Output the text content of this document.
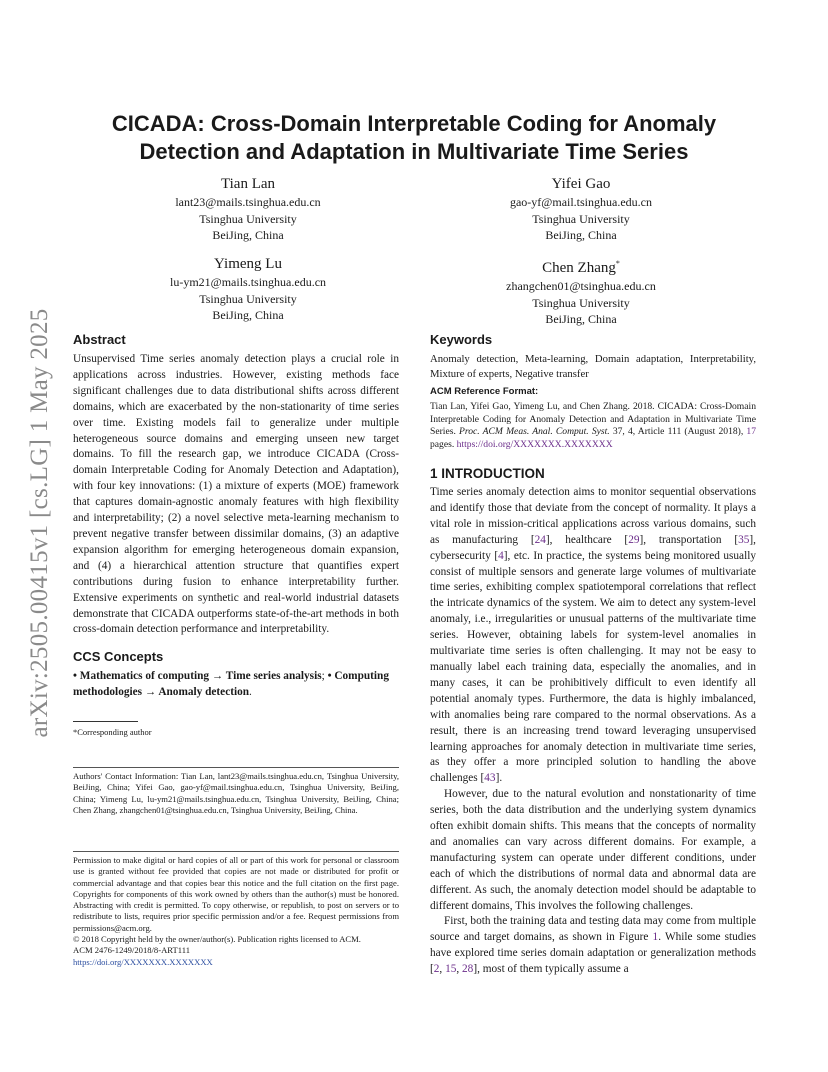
arXiv:2505.00415v1 [cs.LG] 1 May 2025
CICADA: Cross-Domain Interpretable Coding for Anomaly
Detection and Adaptation in Multivariate Time Series
Tian Lan
lant23@mails.tsinghua.edu.cn
Tsinghua University
BeiJing, China
Yifei Gao
gao-yf@mail.tsinghua.edu.cn
Tsinghua University
BeiJing, China
Yimeng Lu
lu-ym21@mails.tsinghua.edu.cn
Tsinghua University
BeiJing, China
Chen Zhang*
zhangchen01@tsinghua.edu.cn
Tsinghua University
BeiJing, China
Abstract

Unsupervised Time series anomaly detection plays a crucial role in applications across industries. However, existing methods face significant challenges due to data distributional shifts across different domains, which are exacerbated by the non-stationarity of time series over time. Existing models fail to generalize under multiple heterogeneous source domains and emerging unseen new target domains. To fill the research gap, we introduce CICADA (Cross-domain Interpretable Coding for Anomaly Detection and Adaptation), with four key innovations: (1) a mixture of experts (MOE) framework that captures domain-agnostic anomaly features with high flexibility and interpretability; (2) a novel selective meta-learning mechanism to prevent negative transfer between dissimilar domains, (3) an adaptive expansion algorithm for emerging heterogeneous domain expansion, and (4) a hierarchical attention structure that quantifies expert contributions during fusion to enhance interpretability further. Extensive experiments on synthetic and real-world industrial datasets demonstrate that CICADA outperforms state-of-the-art methods in both cross-domain detection performance and interpretability.

CCS Concepts

• Mathematics of computing → Time series analysis; • Computing methodologies → Anomaly detection.

*Corresponding author
Authors' Contact Information: Tian Lan, lant23@mails.tsinghua.edu.cn, Tsinghua University, BeiJing, China; Yifei Gao, gao-yf@mail.tsinghua.edu.cn, Tsinghua University, BeiJing, China; Yimeng Lu, lu-ym21@mails.tsinghua.edu.cn, Tsinghua University, BeiJing, China; Chen Zhang, zhangchen01@tsinghua.edu.cn, Tsinghua University, BeiJing, China.
Permission to make digital or hard copies of all or part of this work for personal or classroom use is granted without fee provided that copies are not made or distributed for profit or commercial advantage and that copies bear this notice and the full citation on the first page. Copyrights for components of this work owned by others than the author(s) must be honored. Abstracting with credit is permitted. To copy otherwise, or republish, to post on servers or to redistribute to lists, requires prior specific permission and/or a fee. Request permissions from permissions@acm.org.
© 2018 Copyright held by the owner/author(s). Publication rights licensed to ACM.
ACM 2476-1249/2018/8-ART111
https://doi.org/XXXXXXX.XXXXXXX
Keywords

Anomaly detection, Meta-learning, Domain adaptation, Interpretability, Mixture of experts, Negative transfer

ACM Reference Format:
Tian Lan, Yifei Gao, Yimeng Lu, and Chen Zhang. 2018. CICADA: Cross-Domain Interpretable Coding for Anomaly Detection and Adaptation in Multivariate Time Series. Proc. ACM Meas. Anal. Comput. Syst. 37, 4, Article 111 (August 2018), 17 pages. https://doi.org/XXXXXXX.XXXXXXX
1 INTRODUCTION

Time series anomaly detection aims to monitor sequential observations and identify those that deviate from the concept of normality. It plays a vital role in mission-critical applications across various domains, such as manufacturing [24], healthcare [29], transportation [35], cybersecurity [4], etc. In practice, the systems being monitored usually consist of multiple sensors and generate large volumes of multivariate time series, exhibiting complex spatiotemporal correlations that reflect the intricate dynamics of the system. We aim to detect any system-level anomaly, i.e., irregularities or unusual patterns of the multivariate time series. However, obtaining labels for system-level anomalies in multivariate time series is often challenging. It may not be easy to manually label each training data, especially the anomalies, and in many cases, it can be prohibitively difficult to even identify all potential anomaly types. Furthermore, the data is highly imbalanced, with anomalies being rare compared to the normal observations. As a result, there is an increasing trend toward leveraging unsupervised learning approaches for anomaly detection in multivariate time series, as they offer a more principled solution to handling the above challenges [43].

However, due to the natural evolution and nonstationarity of time series, both the data distribution and the underlying system dynamics often exhibit domain shifts. This means that the concepts of normality and anomalies can vary across different domains. For example, a manufacturing system can operate under different conditions, under each of which the distributions of normal data and abnormal data are different. As such, the anomaly detection model should be adaptable to different domains, This involves the following challenges.

First, both the training data and testing data may come from multiple source and target domains, as shown in Figure 1. While some studies have explored time series domain adaptation or generalization methods [2, 15, 28], most of them typically assume a
